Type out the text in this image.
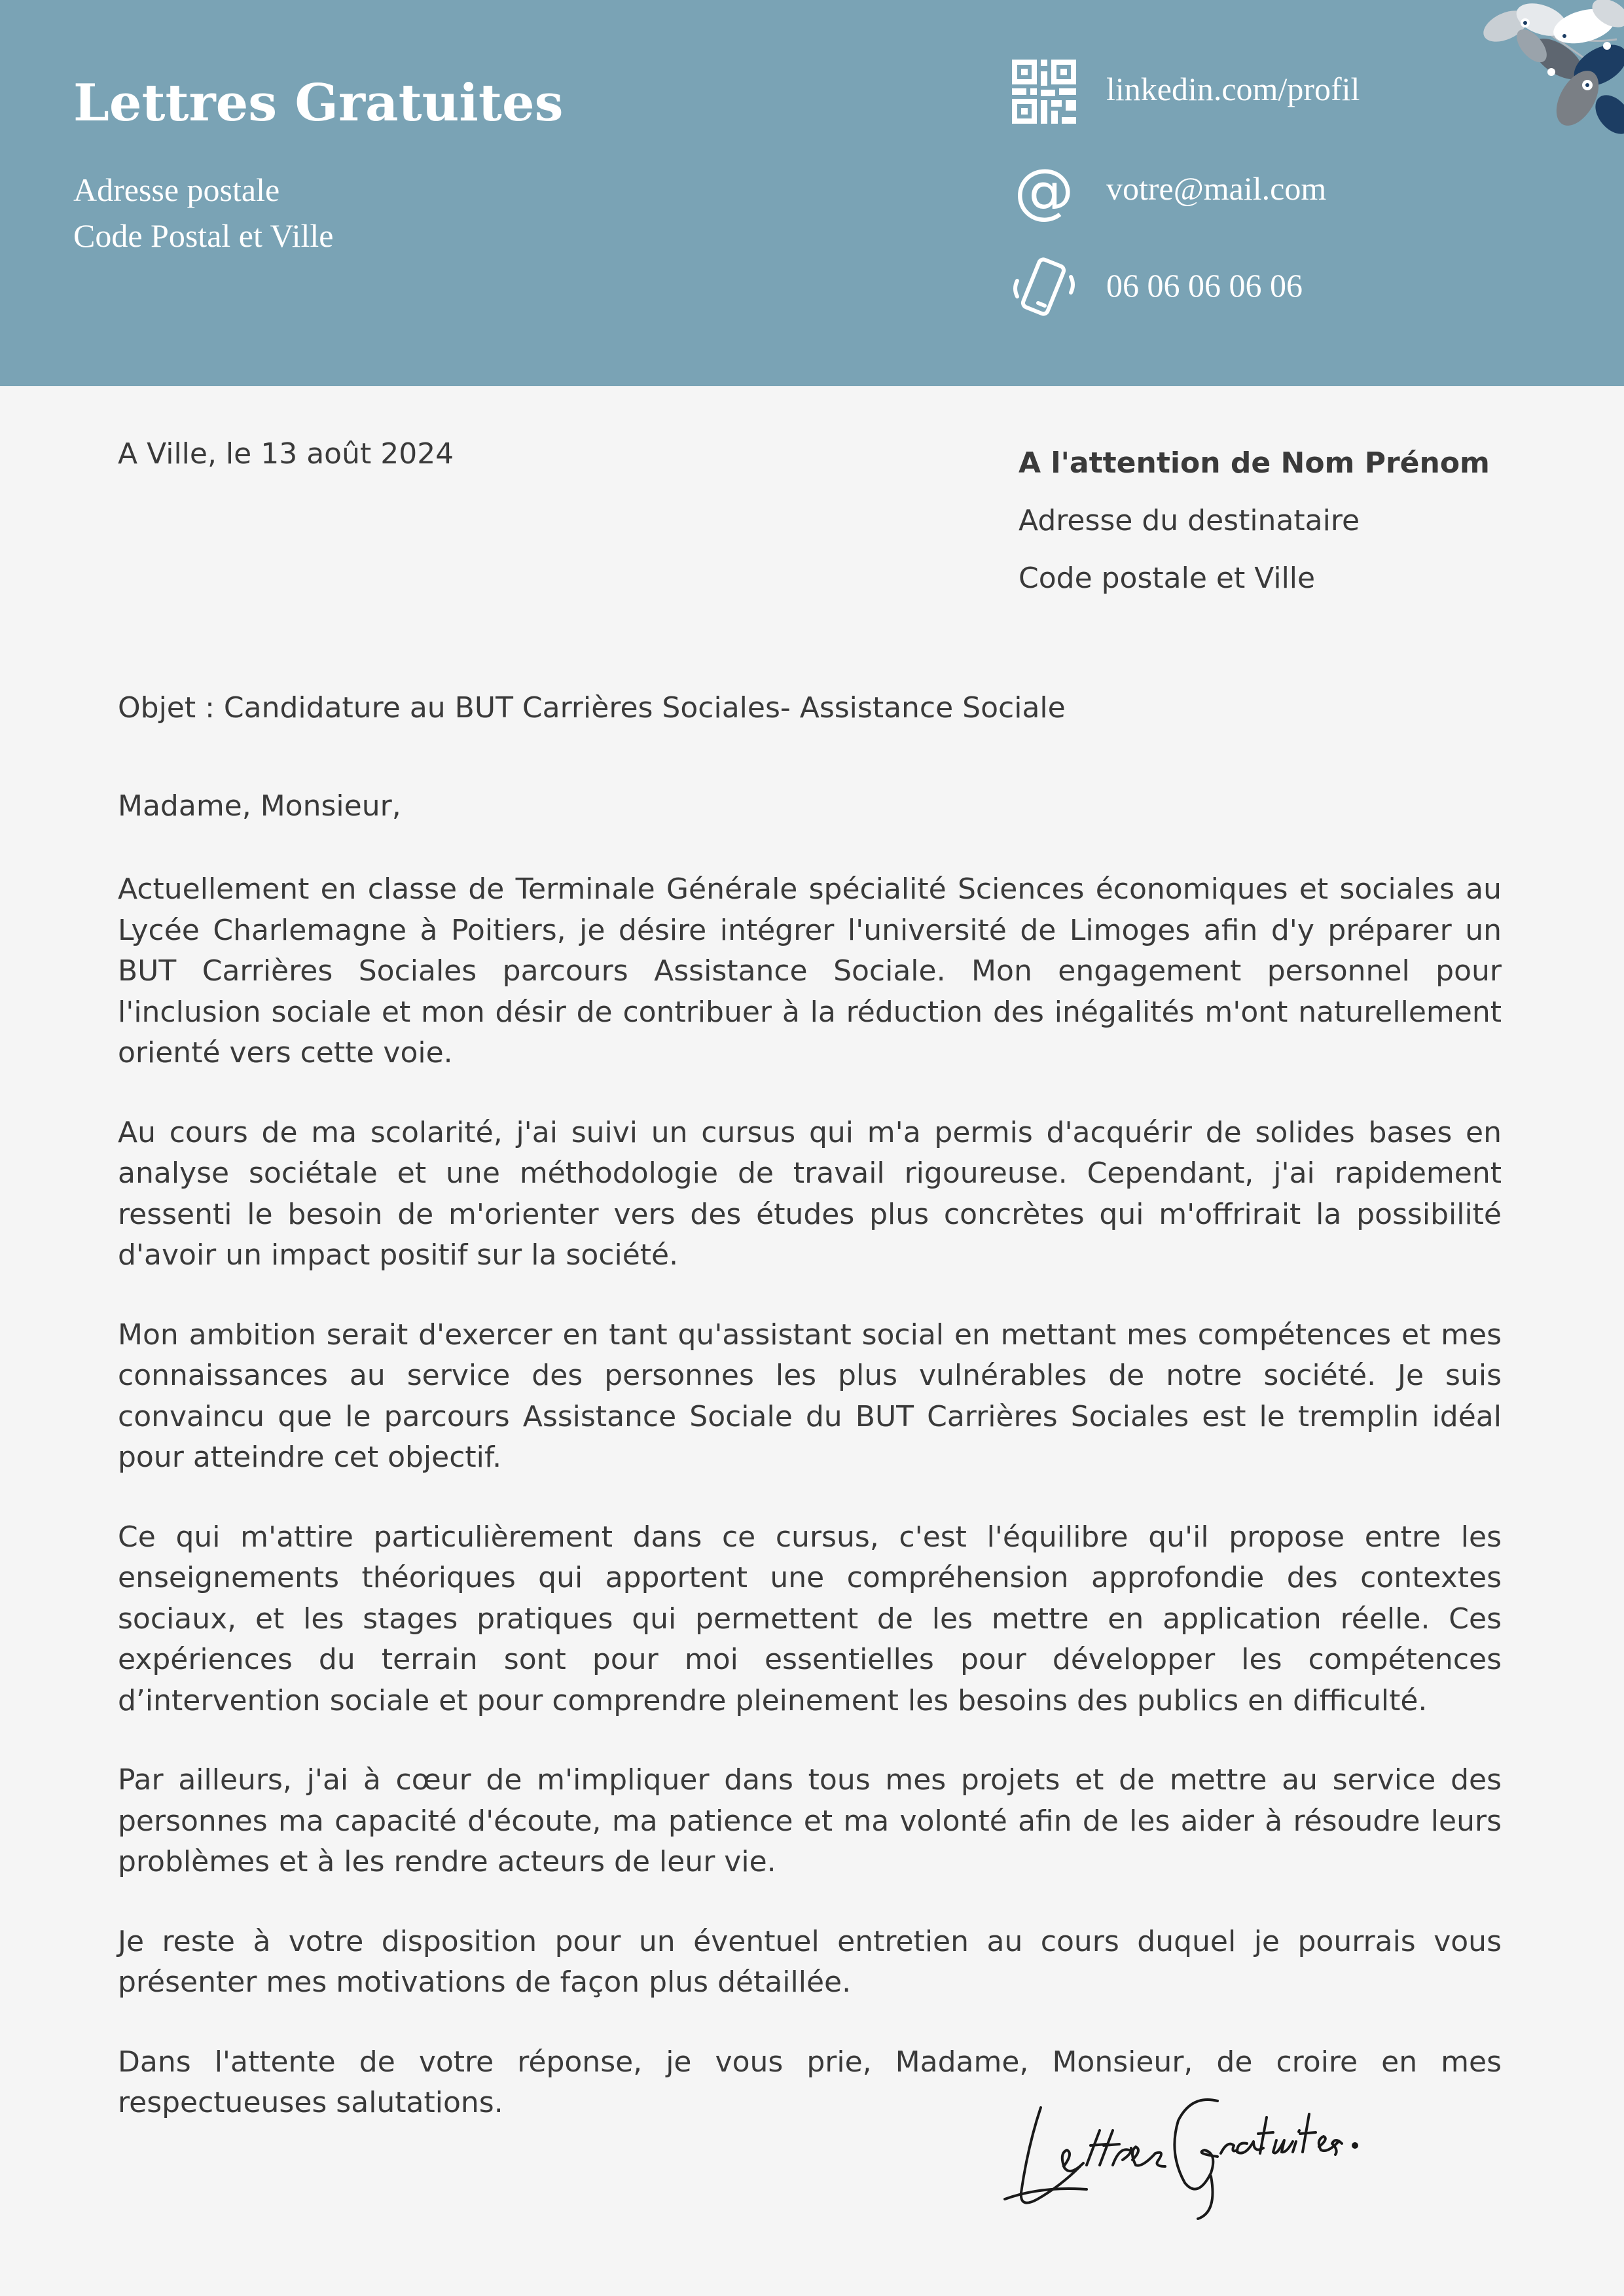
Lettres Gratuites
Adresse postale
Code Postal et Ville
linkedin.com/profil
@ votre@mail.com
06 06 06 06 06
A Ville, le 13 août 2024	A l'attention de Nom Prénom
Adresse du destinataire
Code postale et Ville
Objet : Candidature au BUT Carrières Sociales- Assistance Sociale
Madame, Monsieur,

Actuellement en classe de Terminale Générale spécialité Sciences économiques et sociales au Lycée Charlemagne à Poitiers, je désire intégrer l'université de Limoges afin d'y préparer un BUT Carrières Sociales parcours Assistance Sociale. Mon engagement personnel pour l'inclusion sociale et mon désir de contribuer à la réduction des inégalités m'ont naturellement orienté vers cette voie.

Au cours de ma scolarité, j'ai suivi un cursus qui m'a permis d'acquérir de solides bases en analyse sociétale et une méthodologie de travail rigoureuse. Cependant, j'ai rapidement ressenti le besoin de m'orienter vers des études plus concrètes qui m'offrirait la possibilité d'avoir un impact positif sur la société.

Mon ambition serait d'exercer en tant qu'assistant social en mettant mes compétences et mes connaissances au service des personnes les plus vulnérables de notre société. Je suis convaincu que le parcours Assistance Sociale du BUT Carrières Sociales est le tremplin idéal pour atteindre cet objectif.

Ce qui m'attire particulièrement dans ce cursus, c'est l'équilibre qu'il propose entre les enseignements théoriques qui apportent une compréhension approfondie des contextes sociaux, et les stages pratiques qui permettent de les mettre en application réelle. Ces expériences du terrain sont pour moi essentielles pour développer les compétences d’intervention sociale et pour comprendre pleinement les besoins des publics en difficulté.

Par ailleurs, j'ai à cœur de m'impliquer dans tous mes projets et de mettre au service des personnes ma capacité d'écoute, ma patience et ma volonté afin de les aider à résoudre leurs problèmes et à les rendre acteurs de leur vie.

Je reste à votre disposition pour un éventuel entretien au cours duquel je pourrais vous présenter mes motivations de façon plus détaillée.

Dans l'attente de votre réponse, je vous prie, Madame, Monsieur, de croire en mes respectueuses salutations.
